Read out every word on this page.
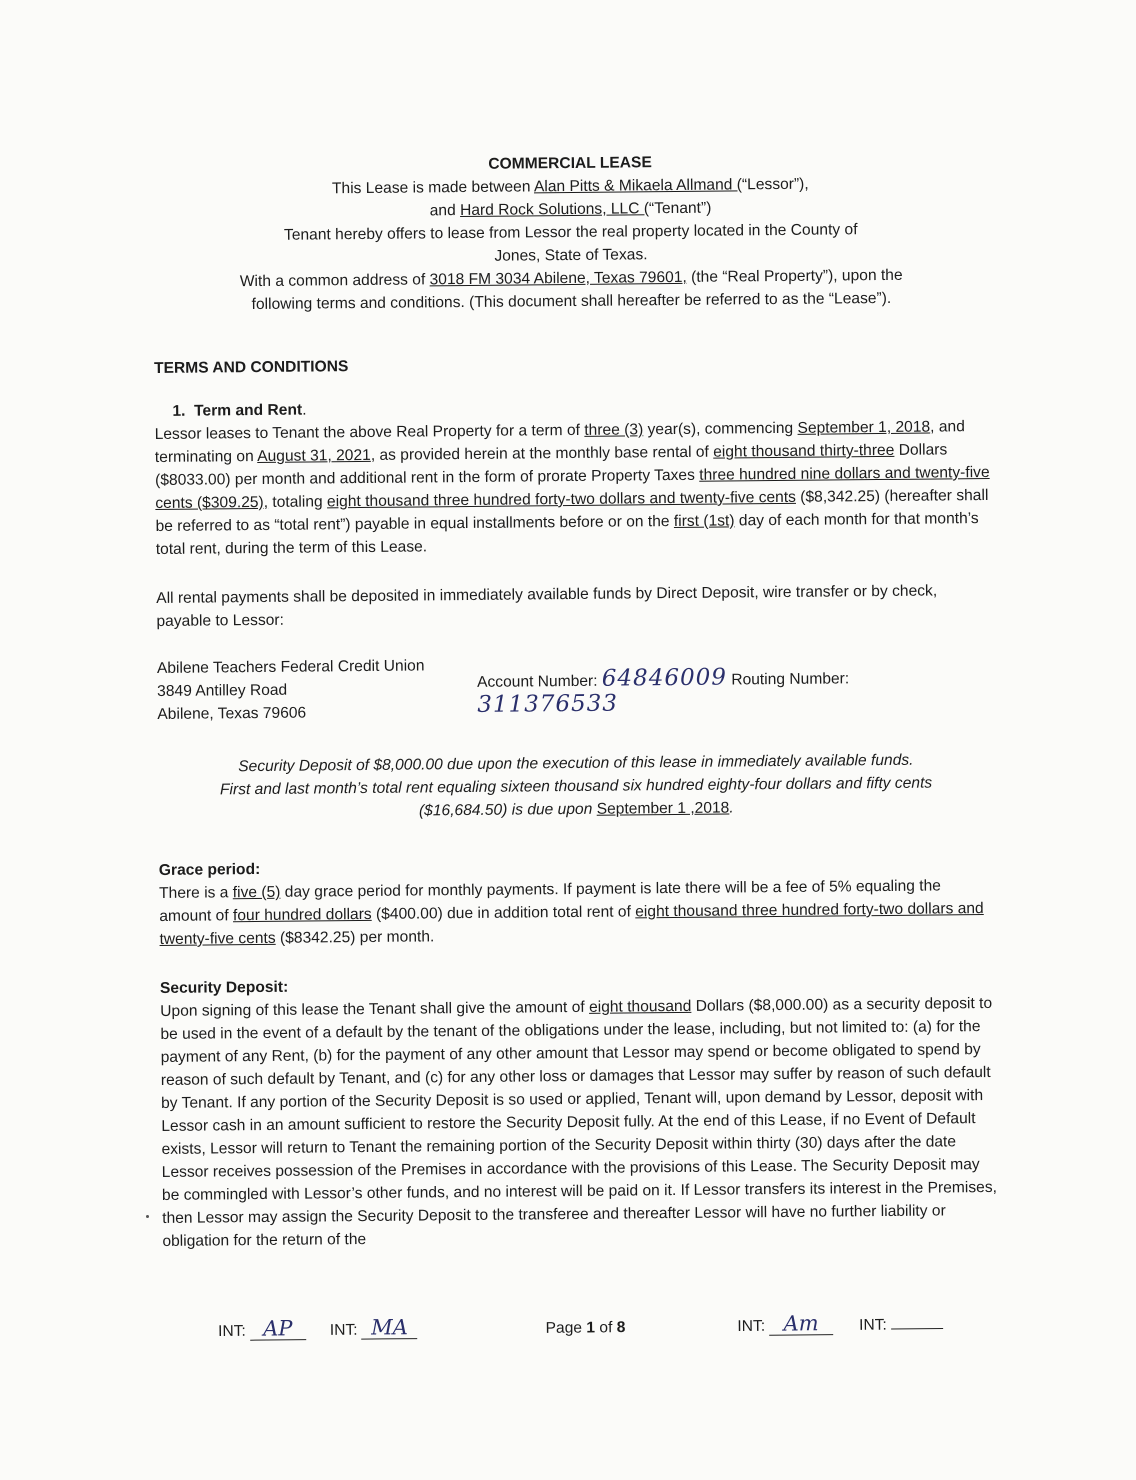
COMMERCIAL LEASE

This Lease is made between Alan Pitts & Mikaela Allmand (“Lessor”),

and Hard Rock Solutions, LLC (“Tenant”)

Tenant hereby offers to lease from Lessor the real property located in the County of

Jones, State of Texas.

With a common address of 3018 FM 3034 Abilene, Texas 79601, (the “Real Property”), upon the

following terms and conditions. (This document shall hereafter be referred to as the “Lease”).

TERMS AND CONDITIONS

1. Term and Rent.

Lessor leases to Tenant the above Real Property for a term of three (3) year(s), commencing September 1, 2018, and terminating on August 31, 2021, as provided herein at the monthly base rental of eight thousand thirty-three Dollars ($8033.00) per month and additional rent in the form of prorate Property Taxes three hundred nine dollars and twenty-five cents ($309.25), totaling eight thousand three hundred forty-two dollars and twenty-five cents ($8,342.25) (hereafter shall be referred to as “total rent”) payable in equal installments before or on the first (1st) day of each month for that month’s total rent, during the term of this Lease.

All rental payments shall be deposited in immediately available funds by Direct Deposit, wire transfer or by check, payable to Lessor:

Abilene Teachers Federal Credit Union

3849 Antilley Road

Abilene, Texas 79606

Account Number: 64846009 Routing Number: 311376533

Security Deposit of $8,000.00 due upon the execution of this lease in immediately available funds.

First and last month’s total rent equaling sixteen thousand six hundred eighty-four dollars and fifty cents

($16,684.50) is due upon September 1 ,2018.

Grace period:

There is a five (5) day grace period for monthly payments. If payment is late there will be a fee of 5% equaling the amount of four hundred dollars ($400.00) due in addition total rent of eight thousand three hundred forty-two dollars and twenty-five cents ($8342.25) per month.

Security Deposit:

Upon signing of this lease the Tenant shall give the amount of eight thousand Dollars ($8,000.00) as a security deposit to be used in the event of a default by the tenant of the obligations under the lease, including, but not limited to: (a) for the payment of any Rent, (b) for the payment of any other amount that Lessor may spend or become obligated to spend by reason of such default by Tenant, and (c) for any other loss or damages that Lessor may suffer by reason of such default by Tenant. If any portion of the Security Deposit is so used or applied, Tenant will, upon demand by Lessor, deposit with Lessor cash in an amount sufficient to restore the Security Deposit fully. At the end of this Lease, if no Event of Default exists, Lessor will return to Tenant the remaining portion of the Security Deposit within thirty (30) days after the date Lessor receives possession of the Premises in accordance with the provisions of this Lease. The Security Deposit may be commingled with Lessor’s other funds, and no interest will be paid on it. If Lessor transfers its interest in the Premises, then Lessor may assign the Security Deposit to the transferee and thereafter Lessor will have no further liability or obligation for the return of the

INT: AP	INT: MA	Page 1 of 8	INT: Am	INT:
